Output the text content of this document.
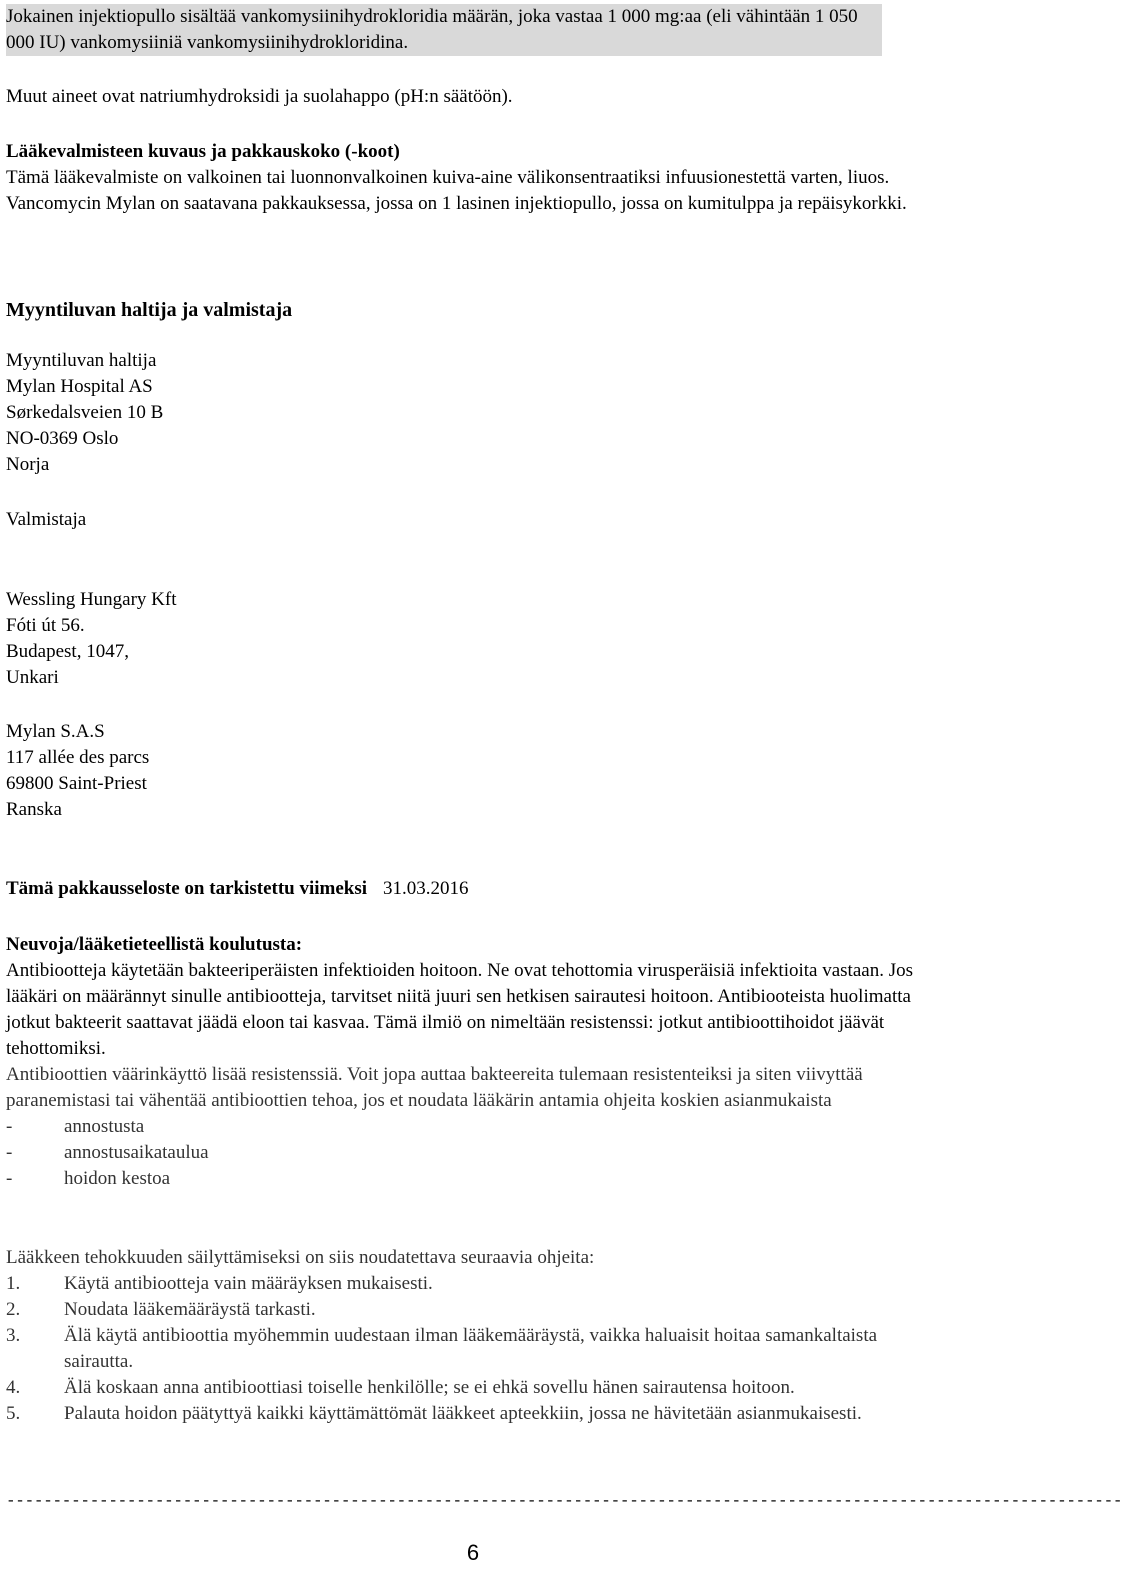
Jokainen injektiopullo sisältää vankomysiinihydrokloridia määrän, joka vastaa 1 000 mg:aa (eli vähintään 1 050 000 IU) vankomysiiniä vankomysiinihydrokloridina.

Muut aineet ovat natriumhydroksidi ja suolahappo (pH:n säätöön).

Lääkevalmisteen kuvaus ja pakkauskoko (-koot)

Tämä lääkevalmiste on valkoinen tai luonnonvalkoinen kuiva-aine välikonsentraatiksi infuusionestettä varten, liuos.

Vancomycin Mylan on saatavana pakkauksessa, jossa on 1 lasinen injektiopullo, jossa on kumitulppa ja repäisykorkki.

Myyntiluvan haltija ja valmistaja

Myyntiluvan haltija

Mylan Hospital AS

Sørkedalsveien 10 B

NO-0369 Oslo

Norja

Valmistaja

Wessling Hungary Kft

Fóti út 56.

Budapest, 1047,

Unkari

Mylan S.A.S

117 allée des parcs

69800 Saint-Priest

Ranska

Tämä pakkausseloste on tarkistettu viimeksi 31.03.2016

Neuvoja/lääketieteellistä koulutusta:

Antibiootteja käytetään bakteeriperäisten infektioiden hoitoon. Ne ovat tehottomia virusperäisiä infektioita vastaan. Jos lääkäri on määrännyt sinulle antibiootteja, tarvitset niitä juuri sen hetkisen sairautesi hoitoon. Antibiooteista huolimatta jotkut bakteerit saattavat jäädä eloon tai kasvaa. Tämä ilmiö on nimeltään resistenssi: jotkut antibioottihoidot jäävät tehottomiksi.

Antibioottien väärinkäyttö lisää resistenssiä. Voit jopa auttaa bakteereita tulemaan resistenteiksi ja siten viivyttää paranemistasi tai vähentää antibioottien tehoa, jos et noudata lääkärin antamia ohjeita koskien asianmukaista

-	annostusta
-	annostusaikataulua
-	hoidon kestoa

Lääkkeen tehokkuuden säilyttämiseksi on siis noudatettava seuraavia ohjeita:

1. Käytä antibiootteja vain määräyksen mukaisesti.
2. Noudata lääkemääräystä tarkasti.
3. Älä käytä antibioottia myöhemmin uudestaan ilman lääkemääräystä, vaikka haluaisit hoitaa samankaltaista sairautta.
4. Älä koskaan anna antibioottiasi toiselle henkilölle; se ei ehkä sovellu hänen sairautensa hoitoon.
5. Palauta hoidon päätyttyä kaikki käyttämättömät lääkkeet apteekkiin, jossa ne hävitetään asianmukaisesti.
------------------------------------------------------------------------------------------------------------------------
6
